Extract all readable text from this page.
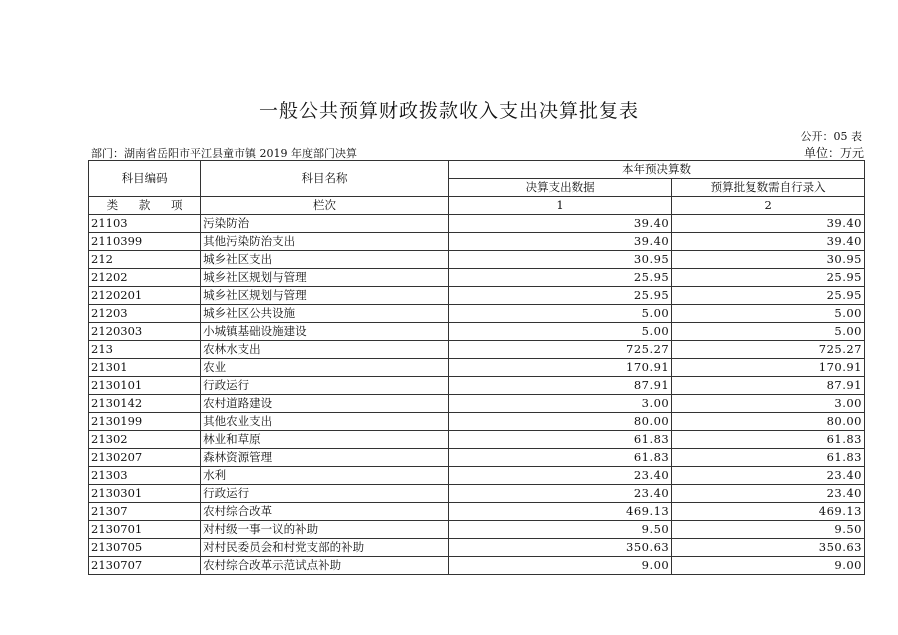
一般公共预算财政拨款收入支出决算批复表
公开：05 表
部门：湖南省岳阳市平江县童市镇 2019 年度部门决算	单位：万元
科目编码	科目名称	本年预决算数	
		决算支出数据	预算批复数需自行录入
类 款 项	栏次	1	2
21103	污染防治	39.40	39.40
2110399	其他污染防治支出	39.40	39.40
212	城乡社区支出	30.95	30.95
21202	城乡社区规划与管理	25.95	25.95
2120201	城乡社区规划与管理	25.95	25.95
21203	城乡社区公共设施	5.00	5.00
2120303	小城镇基础设施建设	5.00	5.00
213	农林水支出	725.27	725.27
21301	农业	170.91	170.91
2130101	行政运行	87.91	87.91
2130142	农村道路建设	3.00	3.00
2130199	其他农业支出	80.00	80.00
21302	林业和草原	61.83	61.83
2130207	森林资源管理	61.83	61.83
21303	水利	23.40	23.40
2130301	行政运行	23.40	23.40
21307	农村综合改革	469.13	469.13
2130701	对村级一事一议的补助	9.50	9.50
2130705	对村民委员会和村党支部的补助	350.63	350.63
2130707	农村综合改革示范试点补助	9.00	9.00
